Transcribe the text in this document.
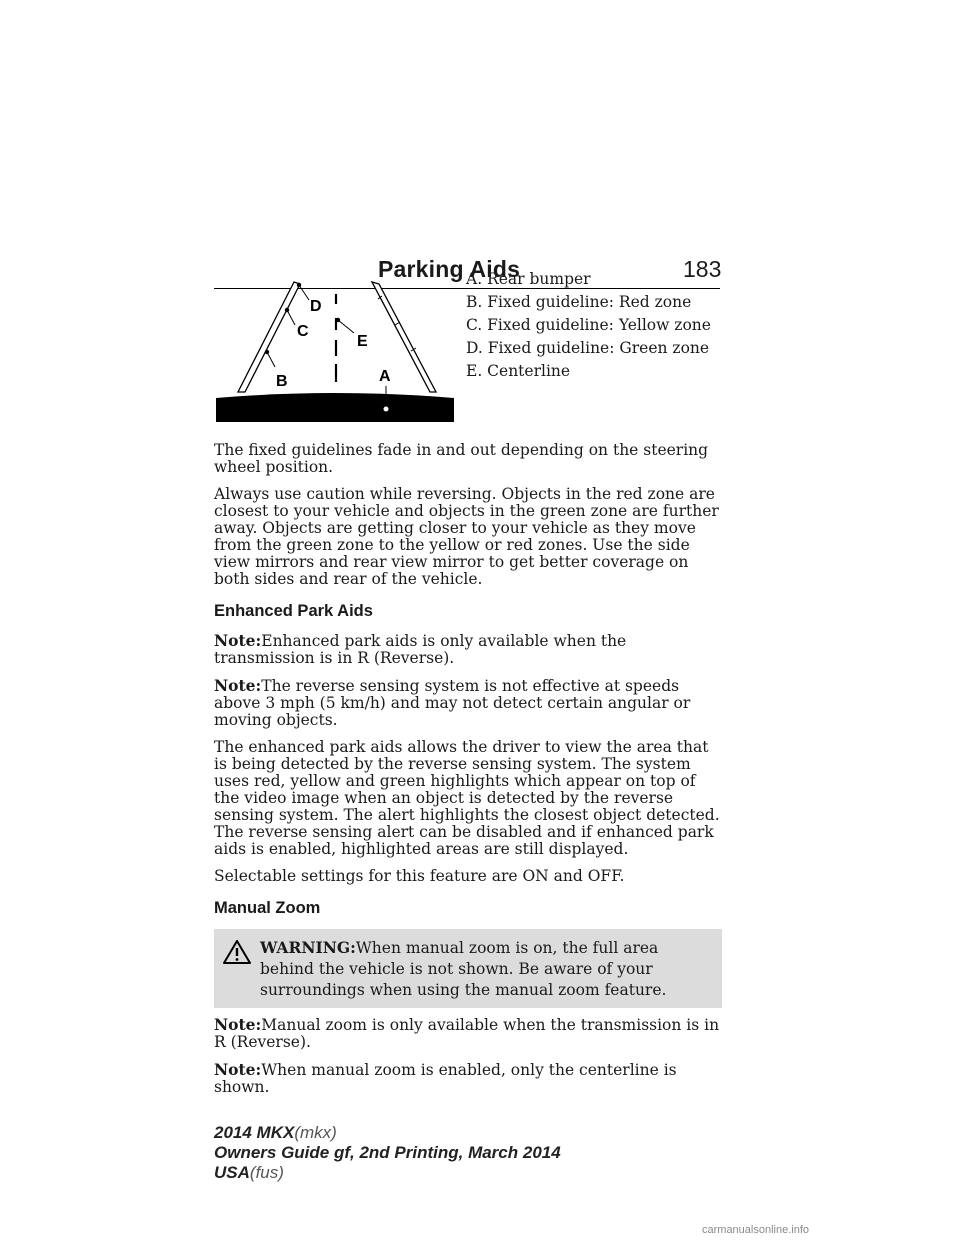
Parking Aids	183
D
C
E
B	A
A. Rear bumper
B. Fixed guideline: Red zone
C. Fixed guideline: Yellow zone
D. Fixed guideline: Green zone
E. Centerline

The fixed guidelines fade in and out depending on the steering wheel position.

Always use caution while reversing. Objects in the red zone are closest to your vehicle and objects in the green zone are further away. Objects are getting closer to your vehicle as they move from the green zone to the yellow or red zones. Use the side view mirrors and rear view mirror to get better coverage on both sides and rear of the vehicle.

Enhanced Park Aids

Note:Enhanced park aids is only available when the transmission is in R (Reverse).

Note:The reverse sensing system is not effective at speeds above 3 mph (5 km/h) and may not detect certain angular or moving objects.

The enhanced park aids allows the driver to view the area that is being detected by the reverse sensing system. The system uses red, yellow and green highlights which appear on top of the video image when an object is detected by the reverse sensing system. The alert highlights the closest object detected. The reverse sensing alert can be disabled and if enhanced park aids is enabled, highlighted areas are still displayed.

Selectable settings for this feature are ON and OFF.

Manual Zoom
WARNING:When manual zoom is on, the full area behind the vehicle is not shown. Be aware of your surroundings when using the manual zoom feature.

Note:Manual zoom is only available when the transmission is in R (Reverse).

Note:When manual zoom is enabled, only the centerline is shown.

2014 MKX(mkx)
Owners Guide gf, 2nd Printing, March 2014
USA(fus)
carmanualsonline.info
